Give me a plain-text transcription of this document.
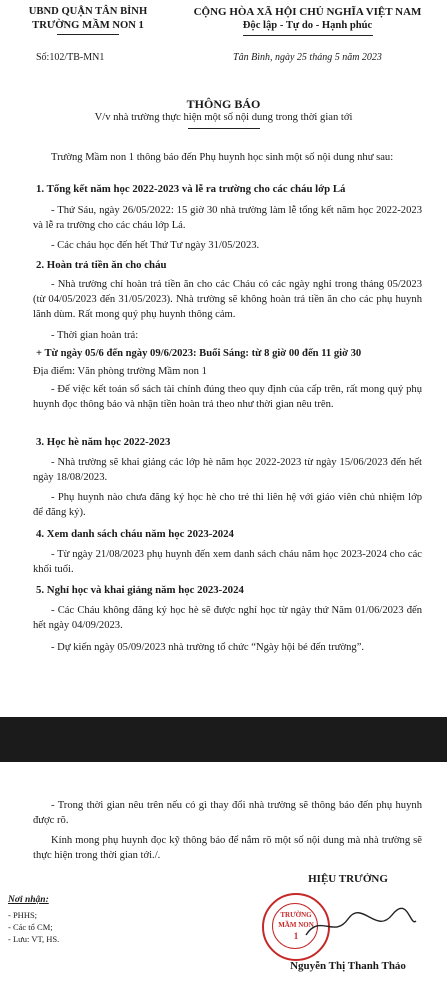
UBND QUẬN TÂN BÌNH
TRƯỜNG MẦM NON 1
Số:102/TB-MN1
CỘNG HÒA XÃ HỘI CHỦ NGHĨA VIỆT NAM
Độc lập - Tự do - Hạnh phúc
Tân Bình, ngày 25 tháng 5 năm 2023
THÔNG BÁO
V/v nhà trường thực hiện một số nội dung trong thời gian tới
Trường Mầm non 1 thông báo đến Phụ huynh học sinh một số nội dung như sau:
1. Tổng kết năm học 2022-2023 và lễ ra trường cho các cháu lớp Lá
- Thứ Sáu, ngày 26/05/2022: 15 giờ 30 nhà trường làm lễ tổng kết năm học 2022-2023 và lễ ra trường cho các cháu lớp Lá.
- Các cháu học đến hết Thứ Tư ngày 31/05/2023.
2. Hoàn trả tiền ăn cho cháu
- Nhà trường chỉ hoàn trả tiền ăn cho các Cháu có các ngày nghỉ trong tháng 05/2023 (từ 04/05/2023 đến 31/05/2023). Nhà trường sẽ không hoàn trả tiền ăn cho các phụ huynh lãnh dùm. Rất mong quý phụ huynh thông cảm.
- Thời gian hoàn trả:
+ Từ ngày 05/6 đến ngày 09/6/2023: Buổi Sáng: từ 8 giờ 00 đến 11 giờ 30
Địa điểm: Văn phòng trường Mầm non 1
- Để việc kết toán sổ sách tài chính đúng theo quy định của cấp trên, rất mong quý phụ huynh đọc thông báo và nhận tiền hoàn trả theo như thời gian nêu trên.
3. Học hè năm học 2022-2023
- Nhà trường sẽ khai giảng các lớp hè năm học 2022-2023 từ ngày 15/06/2023 đến hết ngày 18/08/2023.
- Phụ huynh nào chưa đăng ký học hè cho trẻ thì liên hệ với giáo viên chủ nhiệm lớp để đăng ký).
4. Xem danh sách cháu năm học 2023-2024
- Từ ngày 21/08/2023 phụ huynh đến xem danh sách cháu năm học 2023-2024 cho các khối tuổi.
5. Nghỉ học và khai giảng năm học 2023-2024
- Các Cháu không đăng ký học hè sẽ được nghỉ học từ ngày thứ Năm 01/06/2023 đến hết ngày 04/09/2023.
- Dự kiến ngày 05/09/2023 nhà trường tổ chức “Ngày hội bé đến trường”.
- Trong thời gian nêu trên nếu có gì thay đổi nhà trường sẽ thông báo đến phụ huynh được rõ.
Kính mong phụ huynh đọc kỹ thông báo để nắm rõ một số nội dung mà nhà trường sẽ thực hiện trong thời gian tới./.
Nơi nhận:
- PHHS;
- Các tổ CM;
- Lưu: VT, HS.
HIỆU TRƯỞNG
TRƯỜNG
MẦM NON
1
Nguyễn Thị Thanh Thảo
